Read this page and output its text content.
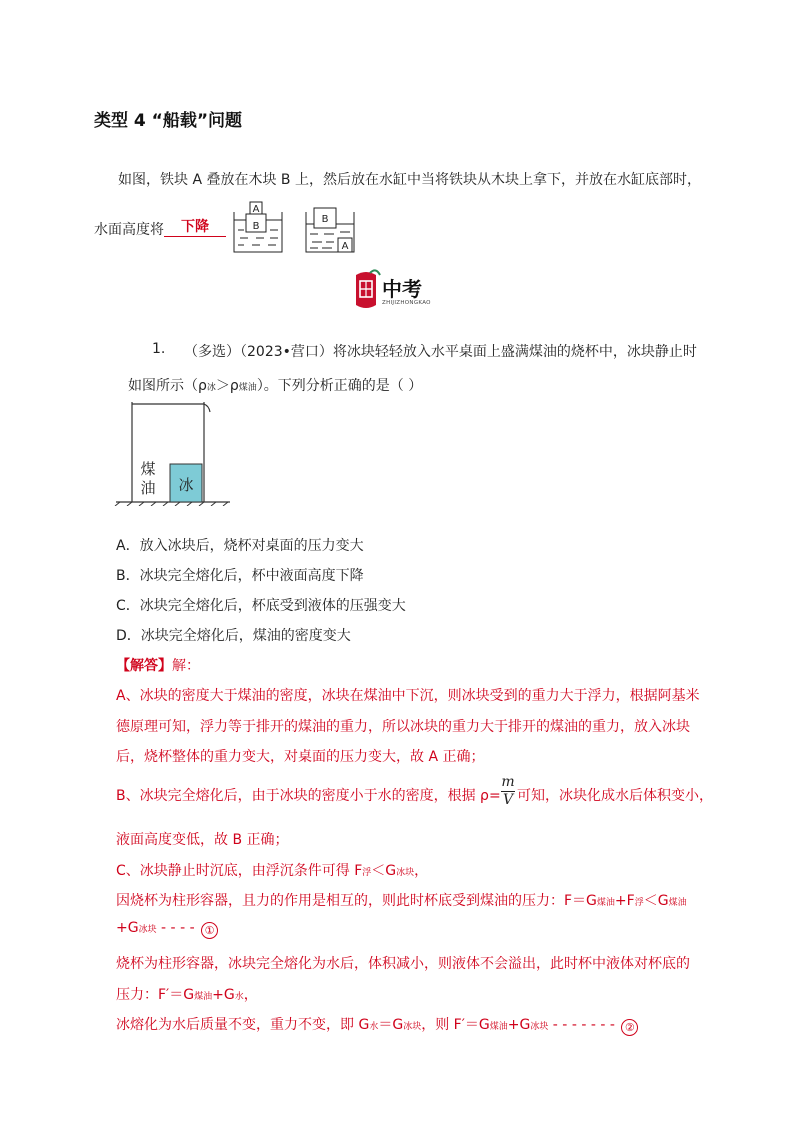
类型 4 “船载”问题
如图，铁块 A 叠放在木块 B 上，然后放在水缸中当将铁块从木块上拿下，并放在水缸底部时，
水面高度将	下降
A
B
B
A
中考
ZHIJIZHONGKAO
1. （多选）（2023•营口）将冰块轻轻放入水平桌面上盛满煤油的烧杯中，冰块静止时
如图所示（ρ冰＞ρ煤油）。下列分析正确的是（ ）
煤
油 冰
A．放入冰块后，烧杯对桌面的压力变大
B．冰块完全熔化后，杯中液面高度下降
C．冰块完全熔化后，杯底受到液体的压强变大
D．冰块完全熔化后，煤油的密度变大
【解答】解：
A、冰块的密度大于煤油的密度，冰块在煤油中下沉，则冰块受到的重力大于浮力，根据阿基米
德原理可知，浮力等于排开的煤油的重力，所以冰块的重力大于排开的煤油的重力，放入冰块
后，烧杯整体的重力变大，对桌面的压力变大，故 A 正确；
B、冰块完全熔化后，由于冰块的密度小于水的密度，根据 ρ=
m
V 可知，冰块化成水后体积变小，
液面高度变低，故 B 正确；
C、冰块静止时沉底，由浮沉条件可得 F浮＜G冰块，
因烧杯为柱形容器，且力的作用是相互的，则此时杯底受到煤油的压力：F＝G煤油+F浮＜G煤油
+G冰块 - - - - ①
烧杯为柱形容器，冰块完全熔化为水后，体积减小，则液体不会溢出，此时杯中液体对杯底的
压力：F′＝G煤油+G水，
冰熔化为水后质量不变，重力不变，即 G水＝G冰块，则 F′＝G煤油+G冰块 - - - - - - - ②
